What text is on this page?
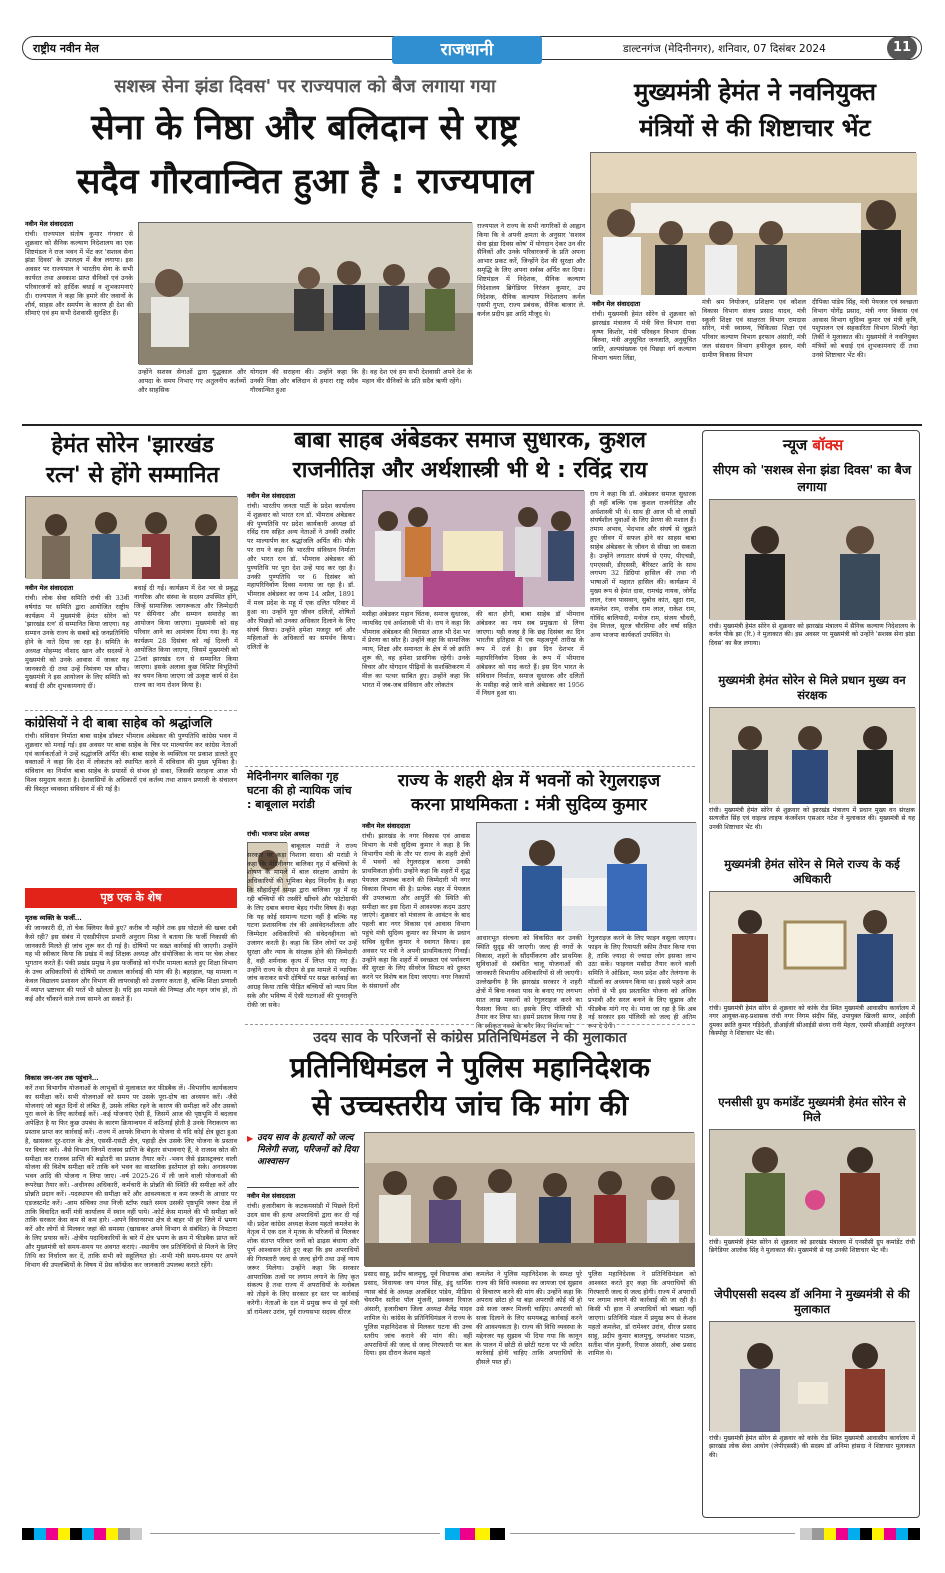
राष्ट्रीय नवीन मेल	डाल्टनगंज (मेदिनीनगर), शनिवार, 07 दिसंबर 2024
राजधानी	11
सशस्त्र सेना झंडा दिवस' पर राज्यपाल को बैज लगाया गया
सेना के निष्ठा और बलिदान से राष्ट्र
सदैव गौरवान्वित हुआ है : राज्यपाल
नवीन मेल संवाददाता
रांची। राज्यपाल संतोष कुमार गंगवार से शुक्रवार को सैनिक कल्याण निदेशालय का एक शिष्टमंडल ने राज भवन में भेंट कर 'सशस्त्र सेना झंडा दिवस' के उपलक्ष्य में बैज लगाया। इस अवसर पर राज्यपाल ने भारतीय सेना के सभी कार्यरत तथा अवकाश प्राप्त सैनिकों एवं उनके परिवारजनों को हार्दिक बधाई व शुभकामनाएं दी। राज्यपाल ने कहा कि हमारे वीर जवानों के शौर्य, साहस और समर्पण के कारण ही देश की सीमाएं एवं हम सभी देशवासी सुरक्षित हैं।
उन्होंने सशस्त्र सेनाओं द्वारा युद्धकाल और आपदा के समय निभाए गए अतुलनीय कर्तव्यों और साहसिक
योगदान की सराहना की। उन्होंने कहा कि उनकी निष्ठा और बलिदान से हमारा राष्ट्र सदैव गौरवान्वित हुआ
है। वह देश एवं हम सभी देशवासी अपने देश के महान वीर सैनिकों के प्रति सदैव ऋणी रहेंगे।
राज्यपाल ने राज्य के सभी नागरिकों से आह्वान किया कि वे अपनी क्षमता के अनुसार 'सशस्त्र सेना झंडा दिवस कोष' में योगदान देकर उन वीर सैनिकों और उनके परिवारजनों के प्रति अपना आभार प्रकट करें, जिन्होंने देश की सुरक्षा और समृद्धि के लिए अपना सर्वस्व अर्पित कर दिया। शिष्टमंडल में निदेशक, सैनिक कल्याण निदेशालय ब्रिगेडियर निरंजन कुमार, उप निदेशक, सैनिक कल्याण निदेशालय कर्नल एसपी गुप्ता, राज्य प्रबंधक, सैनिक बाजार ले. कर्नल प्रदीप झा आदि मौजूद थे।
मुख्यमंत्री हेमंत ने नवनियुक्त
मंत्रियों से की शिष्टाचार भेंट
नवीन मेल संवाददाता
रांची। मुख्यमंत्री हेमंत सोरेन से शुक्रवार को झारखंड मंत्रालय में मंत्री वित्त विभाग राधा कृष्ण किशोर, मंत्री परिवहन विभाग दीपक बिरुवा, मंत्री अनुसूचित जनजाति, अनुसूचित जाति, अल्पसंख्यक एवं पिछड़ा वर्ग कल्याण विभाग चमरा लिंडा,
मंत्री श्रम नियोजन, प्रशिक्षण एवं कौशल विकास विभाग संजय प्रसाद यादव, मंत्री स्कूली शिक्षा एवं साक्षरता विभाग रामदास सोरेन, मंत्री स्वास्थ्य, चिकित्सा शिक्षा एवं परिवार कल्याण विभाग इरफान अंसारी, मंत्री जल संसाधन विभाग हफीजुल हसन, मंत्री ग्रामीण विकास विभाग
दीपिका पांडेय सिंह, मंत्री पेयजल एवं स्वच्छता विभाग योगेंद्र प्रसाद, मंत्री नगर विकास एवं आवास विभाग सुदिव्य कुमार एवं मंत्री कृषि, पशुपालन एवं सहकारिता विभाग शिल्पी नेहा तिर्की ने मुलाकात की। मुख्यमंत्री ने नवनियुक्त मंत्रियों को बधाई एवं शुभकामनाएं दीं तथा उनसे शिष्टाचार भेंट की।
हेमंत सोरेन 'झारखंड
रत्न' से होंगे सम्मानित
नवीन मेल संवाददाता
रांची। लोक सेवा समिति रांची की 33वीं वर्षगांठ पर समिति द्वारा आयोजित राष्ट्रीय कार्यक्रम में मुख्यमंत्री हेमंत सोरेन को 'झारखंड रत्न' से सम्मानित किया जाएगा। यह सम्मान उनके राज्य के सबसे बड़े जनप्रतिनिधि होने के नाते दिया जा रहा है। समिति के अध्यक्ष मोहम्मद नौशाद खान और सदस्यों ने मुख्यमंत्री को उनके आवास में जाकर यह जानकारी दी तथा उन्हें निमंत्रण पत्र सौंपा। मुख्यमंत्री ने इस आयोजन के लिए समिति को बधाई दी और शुभकामनाएं दीं।
बधाई दी गई। कार्यक्रम में देश भर से प्रबुद्ध नागरिक और संस्था के सदस्य उपस्थित होंगे, जिन्हें सामाजिक जागरूकता और जिम्मेदारी पर सेमिनार और सम्मान समारोह का आयोजन किया जाएगा। मुख्यमंत्री को सह परिवार आने का आमंत्रण दिया गया है। यह कार्यक्रम 28 दिसंबर को नई दिल्ली में आयोजित किया जाएगा, जिसमें मुख्यमंत्री को 25वां झारखंड रत्न से सम्मानित किया जाएगा। इसके अलावा कुछ विशिष्ट विभूतियों का चयन किया जाएगा जो उत्कृष्ट कार्य से देश राज्य का नाम रोशन किया है।
कांग्रेसियों ने दी बाबा साहेब को श्रद्धांजलि
रांची। संविधान निर्माता बाबा साहेब डॉक्टर भीमराव अंबेडकर की पुण्यतिथि कांग्रेस भवन में शुक्रवार को मनाई गई। इस अवसर पर बाबा साहेब के चित्र पर माल्यार्पण कर कांग्रेस नेताओं एवं कार्यकर्ताओं ने उन्हें श्रद्धांजलि अर्पित की। बाबा साहेब के व्यक्तित्व पर प्रकाश डालते हुए वक्ताओं ने कहा कि देश में लोकतंत्र को स्थापित करने में संविधान की मुख्य भूमिका है। संविधान का निर्माण बाबा साहेब के प्रयासों से संभव हो सका, जिसकी सराहना आज भी विश्व समुदाय करता है। देशवासियों के अधिकारों एवं कर्तव्य तथा शासन प्रणाली के संचालन की विस्तृत व्यवस्था संविधान में की गई है।
पृष्ठ एक के शेष
मृतक व्यक्ति के फर्जी...
की जानकारी दी, तो चेक क्लियर कैसे हुए? करीब नौ महीने तक इस घोटाले की खबर दबी कैसे रही? इस संबंध में एसडीपीएम प्रभारी अनुराग मिश्रा ने बताया कि फर्जी निकासी की जानकारी मिलते ही जांच शुरू कर दी गई है। दोषियों पर सख्त कार्रवाई की जाएगी। उन्होंने यह भी स्वीकार किया कि प्रखंड में कई शिक्षक अध्यक्ष और संयोजिका के नाम पर चेक लेकर भुगतान करते हैं। पंकी प्रखंड प्रमुख ने इस फर्जीवाड़े को गंभीर मामला बताते हुए शिक्षा विभाग के उच्च अधिकारियों से दोषियों पर तत्काल कार्रवाई की मांग की है। बहरहाल, यह मामला न केवल विद्यालय प्रशासन और विभाग की लापरवाही को उजागर करता है, बल्कि शिक्षा प्रणाली में व्याप्त भ्रष्टाचार की परतें भी खोलता है। यदि इस मामले की निष्पक्ष और गहन जांच हो, तो कई और चौंकाने वाले तथ्य सामने आ सकते हैं।
विकास जन-जन तक पहुंचाने...
करें तथा विभागीय योजनाओं के लाभुकों से मुलाकात कर फीडबैक लें। -विभागीय कार्यकलाप का समीक्षा करें। सभी योजनाओं को समय पर उसके पूरा-दोष का अध्ययन करें। -जैसे योजनाएं जो बहुत दिनों से लंबित हैं, उसके लंबित रहने के कारण की समीक्षा करें और उसको पूरा करने के लिए कार्रवाई करें। -कई योजनाएं ऐसी हैं, जिसमें आज की पृष्ठभूमि में बदलाव अपेक्षित है या फिर कुछ उपबंध के कारण क्रियान्वयन में कठिनाई होती है उनके निराकरण का प्रस्ताव प्राप्त कर कार्रवाई करें। -राज्य में आपके विभाग के योजना से यदि कोई क्षेत्र छूटा हुआ है, खासकर दूर-दराज के क्षेत्र, एससी-एसटी क्षेत्र, पहाड़ी क्षेत्र उसके लिए योजना के प्रस्ताव पर विचार करें। -वैसे विभाग जिनमें राजस्व प्राप्ति के बेहतर संभावनाएं हैं, वे राजस्व स्रोत की समीक्षा कर राजस्व प्राप्ति की बढ़ोतरी का प्रस्ताव तैयार करें। -भवन जैसे इंफ्रास्ट्रक्चर वाली योजना की विशेष समीक्षा करें ताकि बने भवन का वास्तविक इस्तेमाल हो सके। अनावश्यक भवन आदि की योजना न लिया जाए। -वर्ष 2025-26 में ली जाने वाली योजनाओं की रूपरेखा तैयार करें। -अधीनस्थ अधिकारी, कर्मचारी के प्रोन्नति की स्थिति की समीक्षा करें और प्रोन्नति प्रदान करें। -पदस्थापन की समीक्षा करें और आवश्यकता व कम जरूरी के आधार पर एडजस्टमेंट करें। -आम संचिका तथा निजी स्टॉफ रखते समय उसकी पृष्ठभूमि जरूर देख लें ताकि विवादित कर्मी मंत्री कार्यालय में स्थान नहीं पाये। -कोर्ट केस मामले की भी समीक्षा करें ताकि सरकार केस कम से कम हारे। -अपने विधानसभा क्षेत्र से बाहर भी हर जिले में भ्रमण करें और लोगों से मिलकर जहां की समस्या (खासकर अपने विभाग से संबंधित) के निपटारा के लिए प्रयास करें। -क्षेत्रीय पदाधिकारियों के बारे में क्षेत्र भ्रमण के क्रम में फीडबैक प्राप्त करें और मुख्यमंत्री को समय-समय पर अवगत कराएं। -स्थानीय जन प्रतिनिधियों से मिलने के लिए तिथि का निर्धारण कर दें, ताकि सभी को सहूलियत हो। -सभी मंत्री समय-समय पर अपने विभाग की उपलब्धियों के विषय में प्रेस कॉन्फ्रेंस कर जानकारी उपलब्ध कराते रहेंगे।
बाबा साहब अंबेडकर समाज सुधारक, कुशल
राजनीतिज्ञ और अर्थशास्त्री भी थे : रविंद्र राय
नवीन मेल संवाददाता
रांची। भारतीय जनता पार्टी के प्रदेश कार्यालय में शुक्रवार को भारत रत्न डॉ. भीमराव अंबेडकर की पुण्यतिथि पर प्रदेश कार्यकारी अध्यक्ष डॉ रविंद्र राय सहित अन्य नेताओं ने उनकी तस्वीर पर माल्यार्पण कर श्रद्धांजलि अर्पित की। मौके पर राय ने कहा कि भारतीय संविधान निर्माता और भारत रत्न डॉ. भीमराव अंबेडकर की पुण्यतिथि पर पूरा देश उन्हें याद कर रहा है। उनकी पुण्यतिथि पर 6 दिसंबर को महापरिनिर्वाण दिवस मनाया जा रहा है। डॉ. भीमराव अंबेडकर का जन्म 14 अप्रैल, 1891 में मध्य प्रदेश के महू में एक दलित परिवार में हुआ था। उन्होंने पूरा जीवन दलितों, शोषितों और पिछड़ों को उनका अधिकार दिलाने के लिए संघर्ष किया। उन्होंने हमेशा मजदूर वर्ग और महिलाओं के अधिकारों का समर्थन किया। दलितों के
मसीहा अंबेडकर महान चिंतक, समाज सुधारक, न्यायविद एवं अर्थशास्त्री भी थे। राय ने कहा कि भीमराव अंबेडकर की विरासत आज भी देश भर में प्रेरणा का स्रोत है। उन्होंने कहा कि सामाजिक न्याय, शिक्षा और समानता के क्षेत्र में जो क्रांति शुरू की, वह हमेशा प्रासंगिक रहेगी। उनके विचार और योगदान पीढ़ियों के सशक्तिकरण में मील का पत्थर साबित हुए। उन्होंने कहा कि भारत में जब-जब संविधान और लोकतंत्र
की बात होगी, बाबा साहेब डॉ भीमराव अंबेडकर का नाम सब प्रमुखता से लिया जाएगा। यही वजह है कि छह दिसंबर का दिन भारतीय इतिहास में एक महत्वपूर्ण तारीख के रूप में दर्ज है। इस दिन देशभर में महापरिनिर्वाण दिवस के रूप में भीमराव अंबेडकर को याद करते हैं। इस दिन भारत के संविधान निर्माता, समाज सुधारक और दलितों के मसीहा कहे जाने वाले अंबेडकर का 1956 में निधन हुआ था।
राय ने कहा कि डॉ. अंबेडकर समाज सुधारक ही नहीं बल्कि एक कुशल राजनीतिज्ञ और अर्थशास्त्री भी थे। साथ ही आज भी वो लाखों संघर्षशील युवाओं के लिए प्रेरणा की मशाल हैं। तमाम अभाव, भेदभाव और संघर्ष से जूझते हुए जीवन में सफल होने का साहस बाबा साहेब अंबेडकर के जीवन से सीखा जा सकता है। उन्होंने लगातार संघर्ष से एमए, पीएचडी, एमएससी, डीएससी, बैरिस्टर आदि के साथ लगभग 32 डिग्रियां हासिल की तथा नौ भाषाओं में महारत हासिल की। कार्यक्रम में मुख्य रूप से हेमंत दास, रामचंद्र नायक, जोगेंद्र लाल, रंजन पासवान, सुबोध कांत, खुदा राम, कमलेश राम, राजीव राम लाल, राकेश राम, गोविंद बालियादी, मनोज राम, संजय चौधरी, देव मित्तल, सूरज चौरसिया और वर्षा सहित अन्य भाजपा कार्यकर्ता उपस्थित थे।
मेदिनीनगर बालिका गृह घटना की हो न्यायिक जांच : बाबूलाल मरांडी
रांची। भाजपा प्रदेश अध्यक्ष
बाबूलाल मरांडी ने राज्य सरकार पर कड़ा निशाना साधा। श्री मरांडी ने कहा कि मेदिनीनगर बालिका गृह में बच्चियों के शोषण के मामले में बाल संरक्षण आयोग के अधिकारियों की भूमिका बेहद निंदनीय है। कहा कि सौहार्दपूर्ण समझ द्वारा बालिका गृह में रह रही बच्चियों की तस्वीरें खींचने और फोटोग्राफी के लिए दबाव बनाना बेहद गंभीर विषय है। कहा कि यह कोई सामान्य घटना नहीं है बल्कि यह घटना प्रशासनिक तंत्र की असंवेदनशीलता और जिम्मेदार अधिकारियों की संवेदनहीनता को उजागर करती है। कहा कि जिन लोगों पर उन्हें सुरक्षा और न्याय के संरक्षक होने की जिम्मेदारी है, वही शर्मनाक कृत्य में लिप्त पाए गए हैं। उन्होंने राज्य के सीएम से इस मामले में न्यायिक जांच कराकर सभी दोषियों पर सख्त कार्रवाई का आग्रह किया ताकि पीड़ित बच्चियों को न्याय मिल सके और भविष्य में ऐसी घटनाओं की पुनरावृत्ति रोकी जा सके।
राज्य के शहरी क्षेत्र में भवनों को रेगुलराइज
करना प्राथमिकता : मंत्री सुदिव्य कुमार
नवीन मेल संवाददाता
रांची। झारखंड के नगर विकास एवं आवास विभाग के मंत्री सुदिव्य कुमार ने कहा है कि विभागीय मंत्री के तौर पर राज्य के शहरी क्षेत्रों में भवनों को रेगुलराइज करना उनकी प्राथमिकता होगी। उन्होंने कहा कि शहरों में शुद्ध पेयजल उपलब्ध कराने की जिम्मेदारी भी नगर विकास विभाग की है। प्रत्येक शहर में पेयजल की उपलब्धता और आपूर्ति की स्थिति की समीक्षा कर इस दिशा में आवश्यक कदम उठाए जाएंगे। शुक्रवार को मंत्रालय के आवंटन के बाद पहली बार नगर विकास एवं आवास विभाग पहुंचे मंत्री सुदिव्य कुमार का विभाग के प्रधान सचिव सुनील कुमार ने स्वागत किया। इस अवसर पर मंत्री ने अपनी प्राथमिकताएं गिनाईं। उन्होंने कहा कि शहरों में स्वच्छता एवं पर्यावरण की सुरक्षा के लिए सीवरेज सिस्टम को दुरुस्त करने पर विशेष बल दिया जाएगा। नगर निकायों के संसाधनों और
आधारभूत संरचना को विकसित कर उनकी स्थिति सुदृढ़ की जाएगी। जल्द ही नगरों के विकास, शहरों के सौंदर्यीकरण और प्राथमिक सुविधाओं से संबंधित चालू योजनाओं की जानकारी विभागीय अधिकारियों से ली जाएगी। उल्लेखनीय है कि झारखंड सरकार ने शहरी क्षेत्रों में बिना नक्शा पास के बनाए गए लगभग सात लाख मकानों को रेगुलराइज करने का फैसला किया था। इसके लिए पॉलिसी भी तैयार कर लिया था। इसमें प्रस्ताव किया गया है कि स्वीकृत नक्शे के बगैर किए निर्माण को
रेगुलराइज करने के लिए फाइन वसूला जाएगा। फाइन के लिए रियायती स्कीम तैयार किया गया है, ताकि ज्यादा से ज्यादा लोग इसका लाभ उठा सकें। फाइनल मसौदा तैयार करने वाली समिति ने ओडिशा, मध्य प्रदेश और तेलंगाना के मॉडलों का अध्ययन किया था। इससे पहले आम लोगों से भी इस प्रस्तावित योजना को अधिक प्रभावी और सरल बनाने के लिए सुझाव और फीडबैक मांगे गए थे। माना जा रहा है कि अब नई सरकार इस पॉलिसी को जल्द ही अंतिम रूप दे देगी।
उदय साव के परिजनों से कांग्रेस प्रतिनिधिमंडल ने की मुलाकात
प्रतिनिधिमंडल ने पुलिस महानिदेशक
से उच्चस्तरीय जांच कि मांग की
▶ उदय साव के हत्यारों को जल्द मिलेगी सजा, परिजनों को दिया आश्वासन
नवीन मेल संवाददाता
रांची। हजारीबाग के कटकमसांडी में पिछले दिनों उदय साव की हत्या अपराधियों द्वारा कर दी गई थी। प्रदेश कांग्रेस अध्यक्ष केशव महतो कमलेश के नेतृत्व में एक दल ने मृतक के परिजनों से मिलकर शोक संतप्त परिवार जनों को ढाढ़स बंधाया और पूर्ण आश्वासन देते हुए कहा कि इस अपराधियों की गिरफ्तारी जल्द से जल्द होगी तथा उन्हें न्याय जरूर मिलेगा। उन्होंने कहा कि सरकार आपराधिक तत्वों पर लगाम लगाने के लिए कृत संकल्प है तथा राज्य में अपराधियों के मनोबल को तोड़ने के लिए सरकार हर स्तर पर कार्रवाई करेगी। नेताओं के दल में प्रमुख रूप से पूर्व मंत्री डॉ रामेश्वर उरांव, पूर्व राज्यसभा सदस्य धीरज
प्रसाद साहू, प्रदीप बालमुचु, पूर्व विधायक अंबा प्रसाद, विधायक जय मंगल सिंह, इंदु धार्मिक न्यास बोर्ड के अध्यक्ष अजबिंदर पांडेय, मीडिया चेयरमैन सतीश पॉल मुंजनी, प्रवक्ता रियाज अंसारी, हजारीबाग जिला अध्यक्ष शैलेंद्र यादव शामिल थे। कांग्रेस के प्रतिनिधिमंडल ने राज्य के पुलिस महानिदेशक से मिलकर घटना की उच्च स्तरीय जांच कराने की मांग की। वहीं अपराधियों की जल्द से जल्द गिरफ्तारी पर बल दिया। इस दौरान केशव महतो
कमलेश ने पुलिस महानिदेशक के समक्ष पूरे राज्य की विधि व्यवस्था का जायजा एवं सुझाव से विचारण करने की मांग की। उन्होंने कहा कि अपराध छोटा हो या बड़ा अपराधी कोई भी हो उसे सजा जरूर मिलनी चाहिए। अपराधी को सजा दिलाने के लिए समयबद्ध कार्रवाई करने की आवश्यकता है। राज्य की विधि व्यवस्था के मद्देनजर यह सुझाव भी दिया गया कि कानून के पालन में छोटी से छोटी घटना पर भी त्वरित कार्रवाई होनी चाहिए ताकि अपराधियों के हौसले पस्त हों।
पुलिस महानिदेशक ने प्रतिनिधिमंडल को आश्वस्त करते हुए कहा कि अपराधियों की गिरफ्तारी जल्द से जल्द होगी। राज्य में अपराधों पर लगाम लगाने की कार्रवाई की जा रही है। किसी भी हाल में अपराधियों को बख्शा नहीं जाएगा। प्रतिनिधि मंडल में प्रमुख रूप से केशव महतो कमलेश, डॉ रामेश्वर उरांव, धीरज प्रसाद साहू, प्रदीप कुमार बालमुचु, जयशंकर पाठक, सतीश पॉल मुंजनी, रियाज अंसारी, अंबा प्रसाद शामिल थे।
न्यूज बॉक्स
सीएम को 'सशस्त्र सेना झंडा दिवस' का बैज लगाया
रांची। मुख्यमंत्री हेमंत सोरेन से शुक्रवार को झारखंड मंत्रालय में सैनिक कल्याण निदेशालय के कर्नल पीके झा (रि.) ने मुलाकात की। इस अवसर पर मुख्यमंत्री को उन्होंने 'सशस्त्र सेना झंडा दिवस' का बैज लगाया।
मुख्यमंत्री हेमंत सोरेन से मिले प्रधान मुख्य वन संरक्षक
रांची। मुख्यमंत्री हेमंत सोरेन से शुक्रवार को झारखंड मंत्रालय में प्रधान मुख्य वन संरक्षक सत्यजीत सिंह एवं वाइल्ड लाइफ कंजर्वेशन एसआर नटेश ने मुलाकात की। मुख्यमंत्री से यह उनकी शिष्टाचार भेंट थी।
मुख्यमंत्री हेमंत सोरेन से मिले राज्य के कई अधिकारी
रांची। मुख्यमंत्री हेमंत सोरेन से शुक्रवार को कांके रोड स्थित मुख्यमंत्री आवासीय कार्यालय में नगर आयुक्त-सह-प्रशासक रांची नगर निगम संदीप सिंह, उपायुक्त खिजरी सागर, आईजी दुमका क्रांति कुमार गड़िदेशी, डीआईजी सीआईडी संध्या रानी मेहता, एसपी सीआईडी अनुरंजन किस्पोट्टा ने शिष्टाचार भेंट की।
एनसीसी ग्रुप कमांडेंट मुख्यमंत्री हेमंत सोरेन से मिले
रांची। मुख्यमंत्री हेमंत सोरेन से शुक्रवार को झारखंड मंत्रालय में एनसीसी ग्रुप कमांडेंट रांची ब्रिगेडियर आलोक सिंह ने मुलाकात की। मुख्यमंत्री से यह उनकी शिष्टाचार भेंट थी।
जेपीएससी सदस्य डॉ अनिमा ने मुख्यमंत्री से की मुलाकात
रांची। मुख्यमंत्री हेमंत सोरेन से शुक्रवार को कांके रोड स्थित मुख्यमंत्री आवासीय कार्यालय में झारखंड लोक सेवा आयोग (जेपीएससी) की सदस्य डॉ अनिमा हांसदा ने शिष्टाचार मुलाकात की।
